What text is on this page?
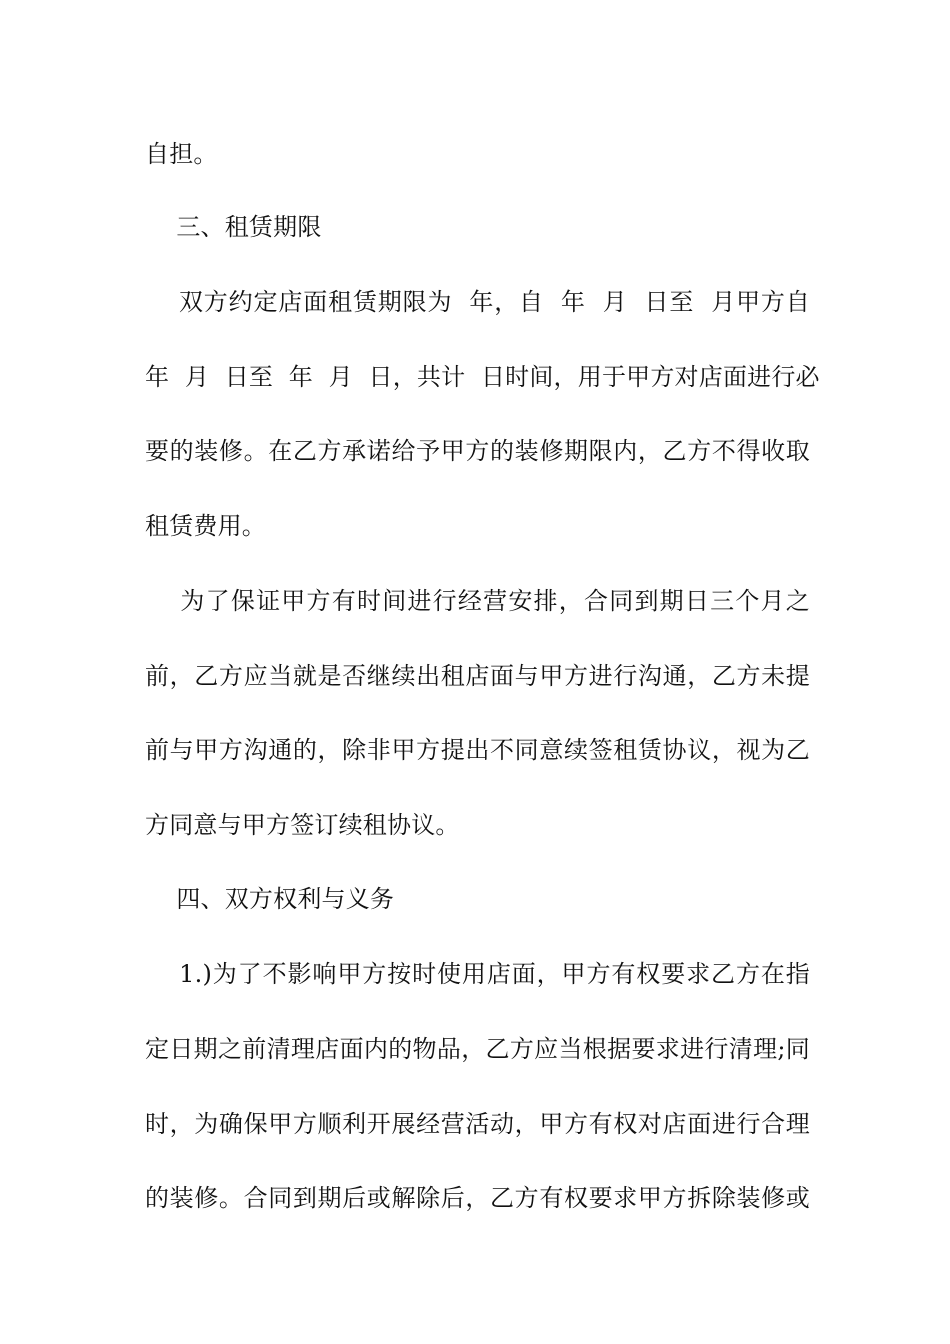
自担。
三、租赁期限
双方约定店面租赁期限为  年，自  年  月  日至  月甲方自
年  月  日至  年  月  日，共计  日时间，用于甲方对店面进行必
要的装修。在乙方承诺给予甲方的装修期限内，乙方不得收取
租赁费用。
为了保证甲方有时间进行经营安排，合同到期日三个月之
前，乙方应当就是否继续出租店面与甲方进行沟通，乙方未提
前与甲方沟通的，除非甲方提出不同意续签租赁协议，视为乙
方同意与甲方签订续租协议。
四、双方权利与义务
1.)为了不影响甲方按时使用店面，甲方有权要求乙方在指
定日期之前清理店面内的物品，乙方应当根据要求进行清理;同
时，为确保甲方顺利开展经营活动，甲方有权对店面进行合理
的装修。合同到期后或解除后，乙方有权要求甲方拆除装修或
